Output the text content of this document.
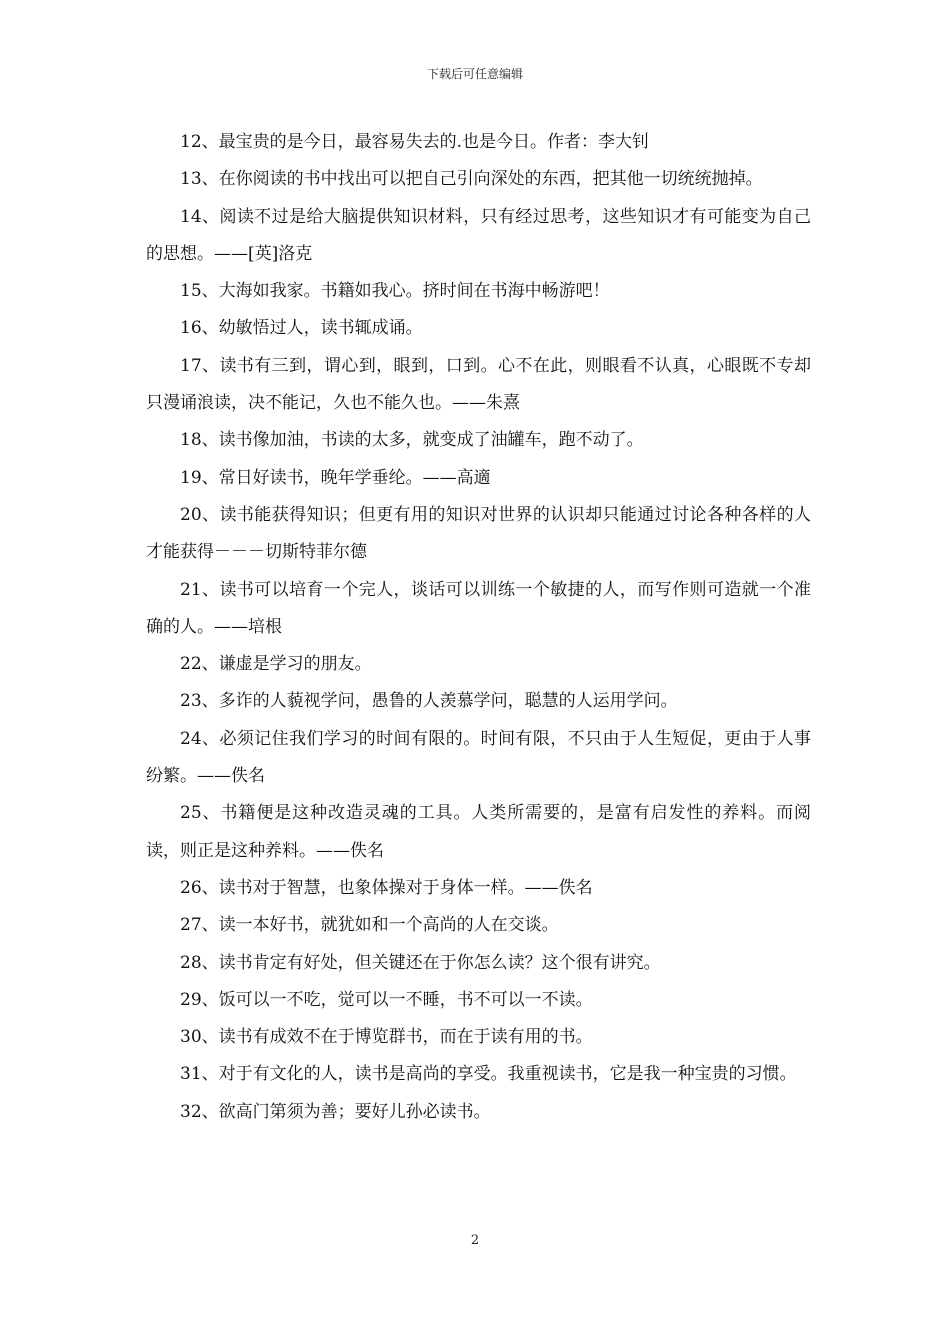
下载后可任意编辑

12、最宝贵的是今日，最容易失去的.也是今日。作者：李大钊

13、在你阅读的书中找出可以把自己引向深处的东西，把其他一切统统抛掉。

14、阅读不过是给大脑提供知识材料，只有经过思考，这些知识才有可能变为自己的思想。——[英]洛克

15、大海如我家。书籍如我心。挤时间在书海中畅游吧！

16、幼敏悟过人，读书辄成诵。

17、读书有三到，谓心到，眼到，口到。心不在此，则眼看不认真，心眼既不专却只漫诵浪读，决不能记，久也不能久也。——朱熹

18、读书像加油，书读的太多，就变成了油罐车，跑不动了。

19、常日好读书，晚年学垂纶。——高適

20、读书能获得知识；但更有用的知识对世界的认识却只能通过讨论各种各样的人才能获得－－－切斯特菲尔德

21、读书可以培育一个完人，谈话可以训练一个敏捷的人，而写作则可造就一个准确的人。——培根

22、谦虚是学习的朋友。

23、多诈的人藐视学问，愚鲁的人羡慕学问，聪慧的人运用学问。

24、必须记住我们学习的时间有限的。时间有限，不只由于人生短促，更由于人事纷繁。——佚名

25、书籍便是这种改造灵魂的工具。人类所需要的，是富有启发性的养料。而阅读，则正是这种养料。——佚名

26、读书对于智慧，也象体操对于身体一样。——佚名

27、读一本好书，就犹如和一个高尚的人在交谈。

28、读书肯定有好处，但关键还在于你怎么读？这个很有讲究。

29、饭可以一不吃，觉可以一不睡，书不可以一不读。

30、读书有成效不在于博览群书，而在于读有用的书。

31、对于有文化的人，读书是高尚的享受。我重视读书，它是我一种宝贵的习惯。

32、欲高门第须为善；要好儿孙必读书。

2
